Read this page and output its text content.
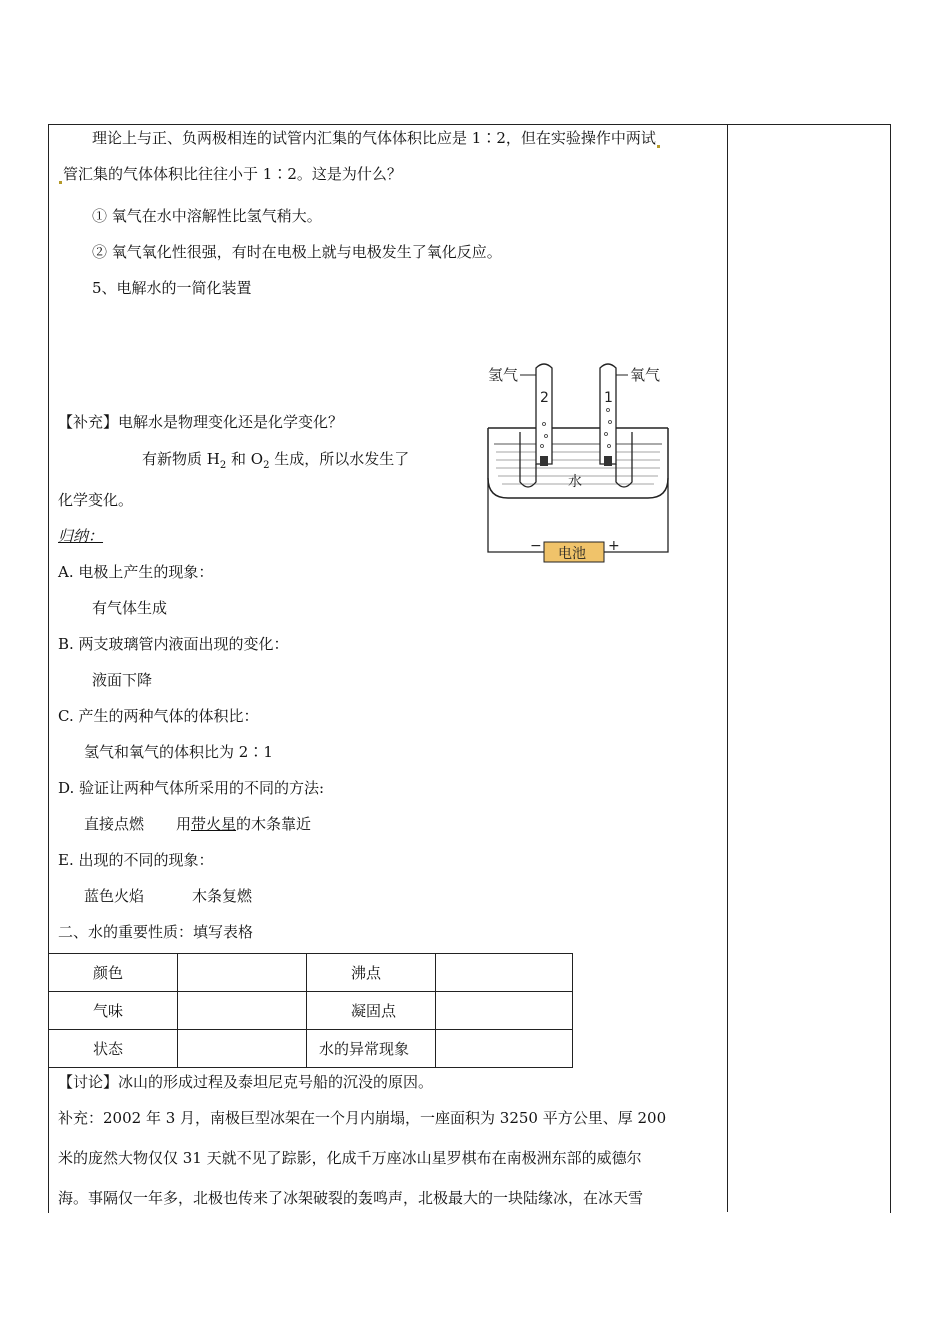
理论上与正、负两极相连的试管内汇集的气体体积比应是 1∶2，但在实验操作中两试
管汇集的气体体积比往往小于 1∶2。这是为什么？
① 氧气在水中溶解性比氢气稍大。
② 氧气氧化性很强，有时在电极上就与电极发生了氧化反应。
5、电解水的一简化装置
氢气	氧气
2	1
水
电池
−	+
【补充】电解水是物理变化还是化学变化？
有新物质 $H_2$ 和 $O_2$ 生成，所以水发生了
化学变化。
归纳：
A. 电极上产生的现象：
有气体生成
B. 两支玻璃管内液面出现的变化：
液面下降
C. 产生的两种气体的体积比：
氢气和氧气的体积比为 2∶1
D. 验证让两种气体所采用的不同的方法:
直接点燃 用带火星的木条靠近
E. 出现的不同的现象：
蓝色火焰	木条复燃
二、水的重要性质：填写表格
颜色		沸点	
气味		凝固点	
状态		水的异常现象	
【讨论】冰山的形成过程及泰坦尼克号船的沉没的原因。
补充：2002 年 3 月，南极巨型冰架在一个月内崩塌，一座面积为 3250 平方公里、厚 200
米的庞然大物仅仅 31 天就不见了踪影，化成千万座冰山星罗棋布在南极洲东部的威德尔
海。事隔仅一年多，北极也传来了冰架破裂的轰鸣声，北极最大的一块陆缘冰，在冰天雪
